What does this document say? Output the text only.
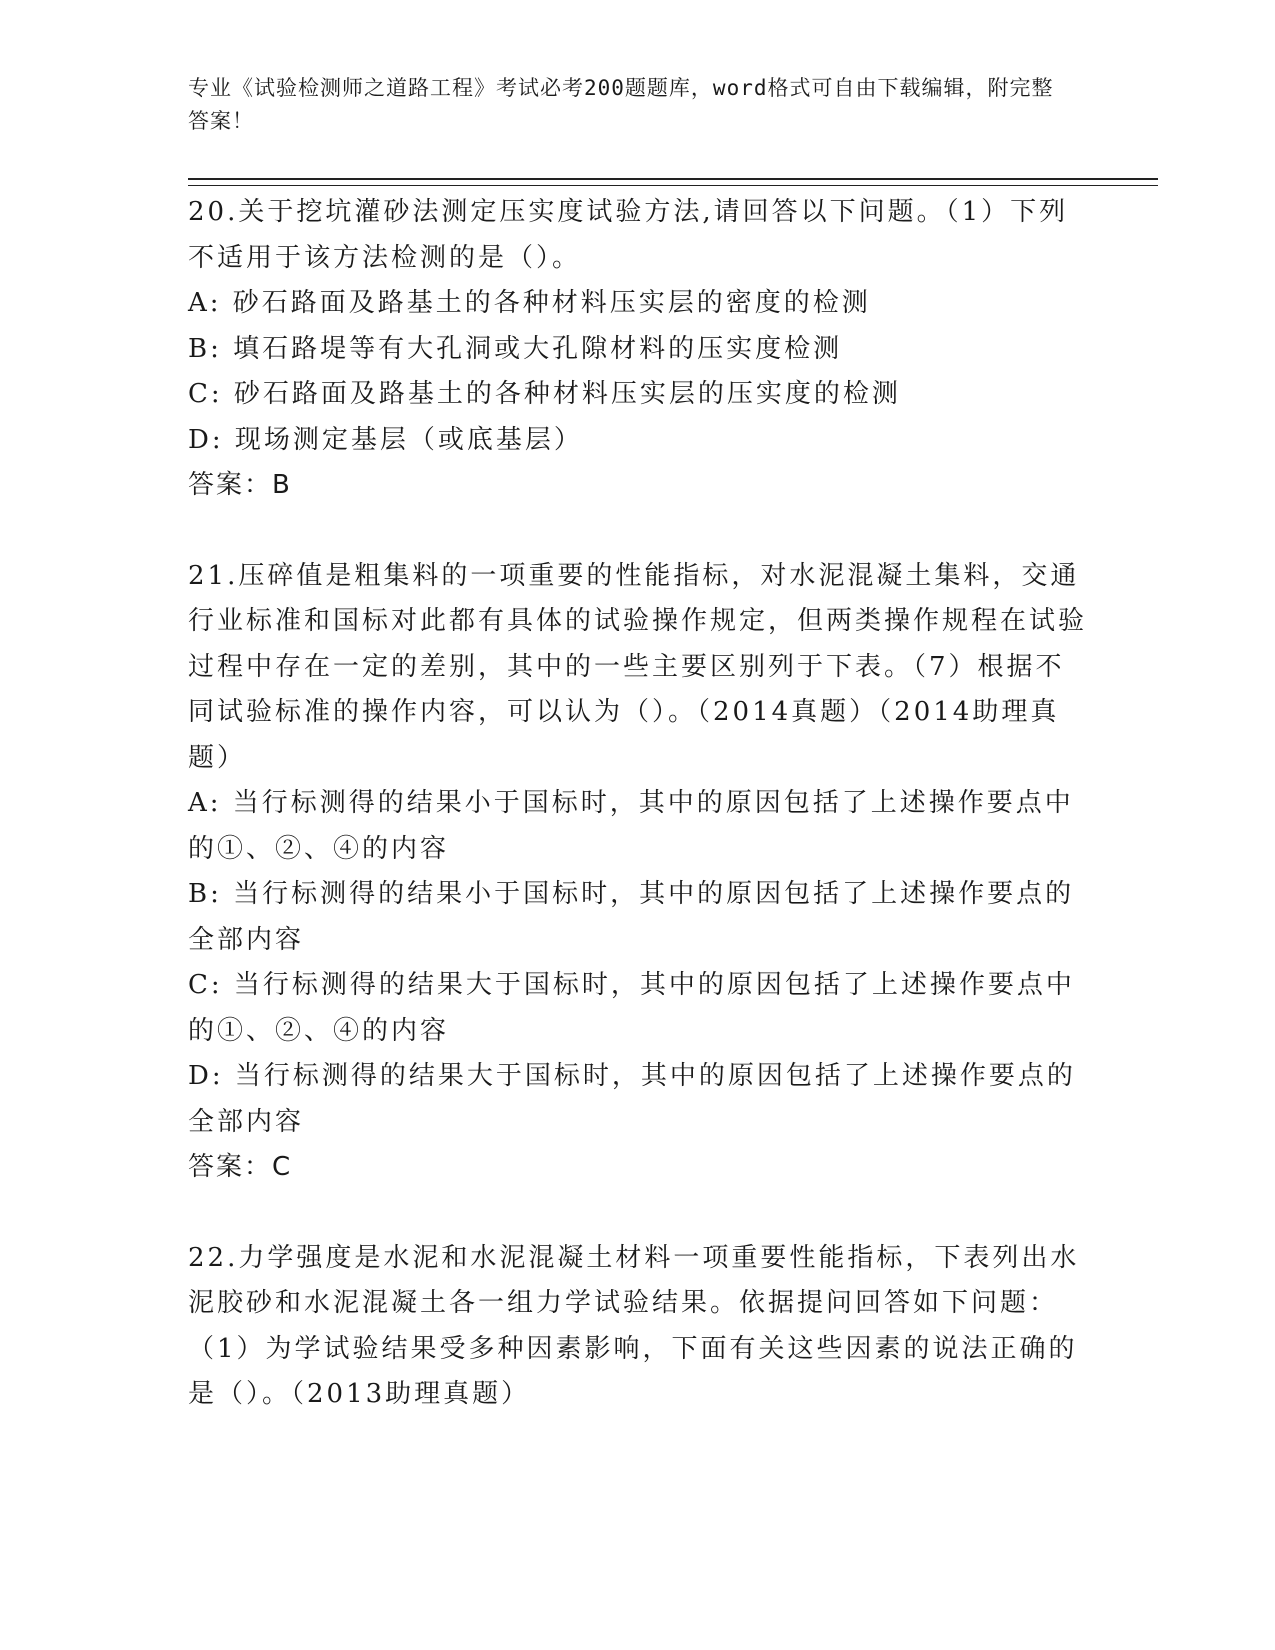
专业《试验检测师之道路工程》考试必考200题题库，word格式可自由下载编辑，附完整答案！

20.关于挖坑灌砂法测定压实度试验方法,请回答以下问题。（1）下列不适用于该方法检测的是（）。

A: 砂石路面及路基土的各种材料压实层的密度的检测

B: 填石路堤等有大孔洞或大孔隙材料的压实度检测

C: 砂石路面及路基土的各种材料压实层的压实度的检测

D: 现场测定基层（或底基层）

答案：B

21.压碎值是粗集料的一项重要的性能指标，对水泥混凝土集料，交通行业标准和国标对此都有具体的试验操作规定，但两类操作规程在试验过程中存在一定的差别，其中的一些主要区别列于下表。（7）根据不同试验标准的操作内容，可以认为（）。（2014真题）（2014助理真题）

A: 当行标测得的结果小于国标时，其中的原因包括了上述操作要点中的①、②、④的内容

B: 当行标测得的结果小于国标时，其中的原因包括了上述操作要点的全部内容

C: 当行标测得的结果大于国标时，其中的原因包括了上述操作要点中的①、②、④的内容

D: 当行标测得的结果大于国标时，其中的原因包括了上述操作要点的全部内容

答案：C

22.力学强度是水泥和水泥混凝土材料一项重要性能指标，下表列出水泥胶砂和水泥混凝土各一组力学试验结果。依据提问回答如下问题：（1）为学试验结果受多种因素影响，下面有关这些因素的说法正确的是（）。（2013助理真题）
